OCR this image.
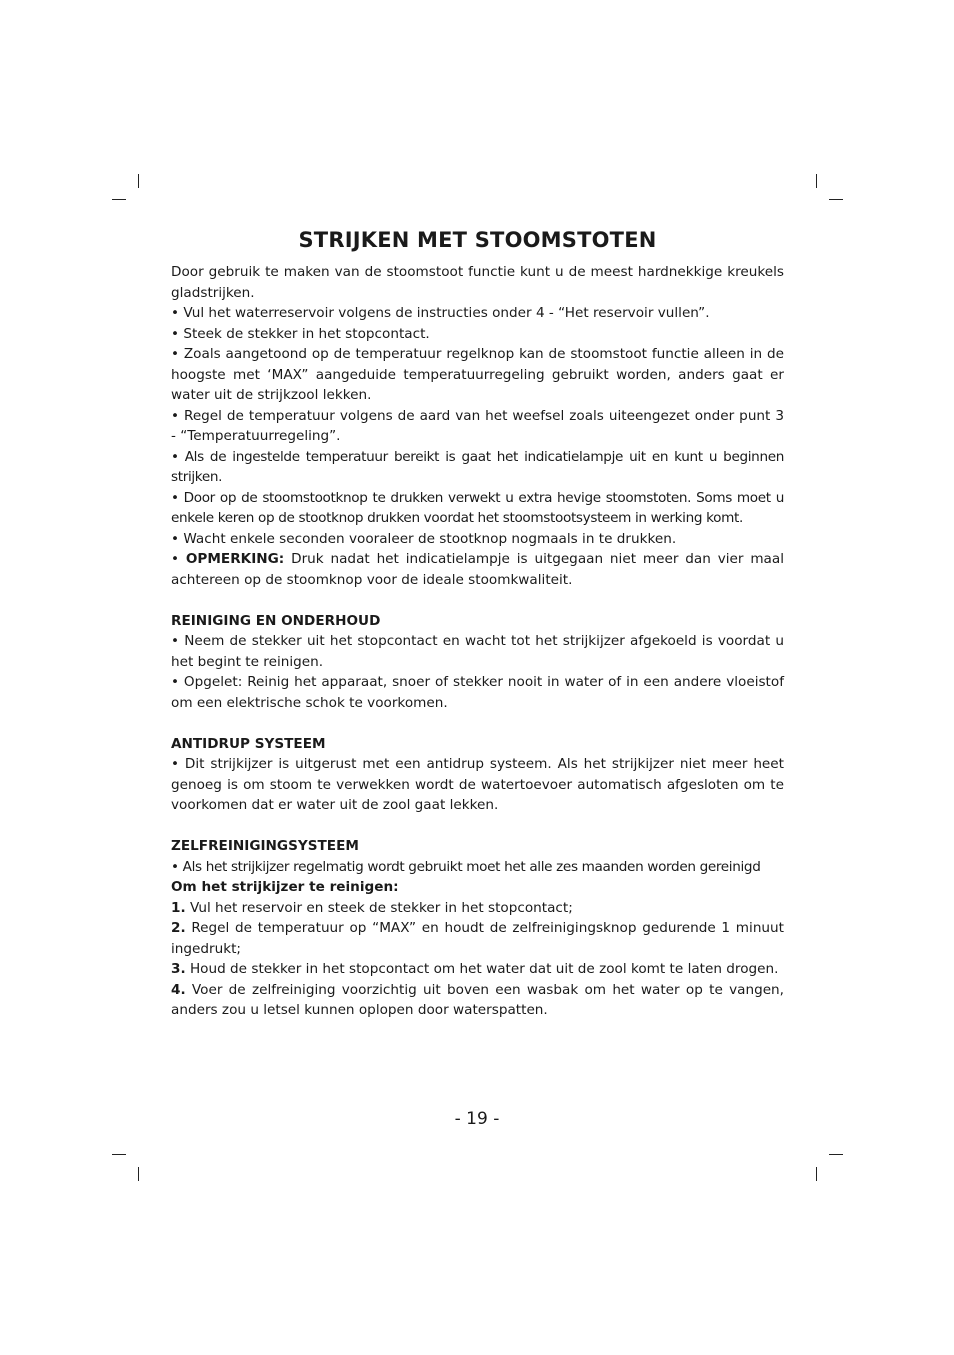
STRIJKEN MET STOOMSTOTEN

Door gebruik te maken van de stoomstoot functie kunt u de meest hardnekkige kreukels gladstrijken.

• Vul het waterreservoir volgens de instructies onder 4 - “Het reservoir vullen”.

• Steek de stekker in het stopcontact.

• Zoals aangetoond op de temperatuur regelknop kan de stoomstoot functie alleen in de hoogste met ‘MAX” aangeduide temperatuurregeling gebruikt worden, anders gaat er water uit de strijkzool lekken.

• Regel de temperatuur volgens de aard van het weefsel zoals uiteengezet onder punt 3 - “Temperatuurregeling”.

• Als de ingestelde temperatuur bereikt is gaat het indicatielampje uit en kunt u beginnen strijken.

• Door op de stoomstootknop te drukken verwekt u extra hevige stoomstoten. Soms moet u enkele keren op de stootknop drukken voordat het stoomstootsysteem in werking komt.

• Wacht enkele seconden vooraleer de stootknop nogmaals in te drukken.

• OPMERKING: Druk nadat het indicatielampje is uitgegaan niet meer dan vier maal achtereen op de stoomknop voor de ideale stoomkwaliteit.

REINIGING EN ONDERHOUD

• Neem de stekker uit het stopcontact en wacht tot het strijkijzer afgekoeld is voordat u het begint te reinigen.

• Opgelet: Reinig het apparaat, snoer of stekker nooit in water of in een andere vloeistof om een elektrische schok te voorkomen.

ANTIDRUP SYSTEEM

• Dit strijkijzer is uitgerust met een antidrup systeem. Als het strijkijzer niet meer heet genoeg is om stoom te verwekken wordt de watertoevoer automatisch afgesloten om te voorkomen dat er water uit de zool gaat lekken.

ZELFREINIGINGSYSTEEM

• Als het strijkijzer regelmatig wordt gebruikt moet het alle zes maanden worden gereinigd

Om het strijkijzer te reinigen:

1. Vul het reservoir en steek de stekker in het stopcontact;

2. Regel de temperatuur op “MAX” en houdt de zelfreinigingsknop gedurende 1 minuut ingedrukt;

3. Houd de stekker in het stopcontact om het water dat uit de zool komt te laten drogen.

4. Voer de zelfreiniging voorzichtig uit boven een wasbak om het water op te vangen, anders zou u letsel kunnen oplopen door waterspatten.

- 19 -
